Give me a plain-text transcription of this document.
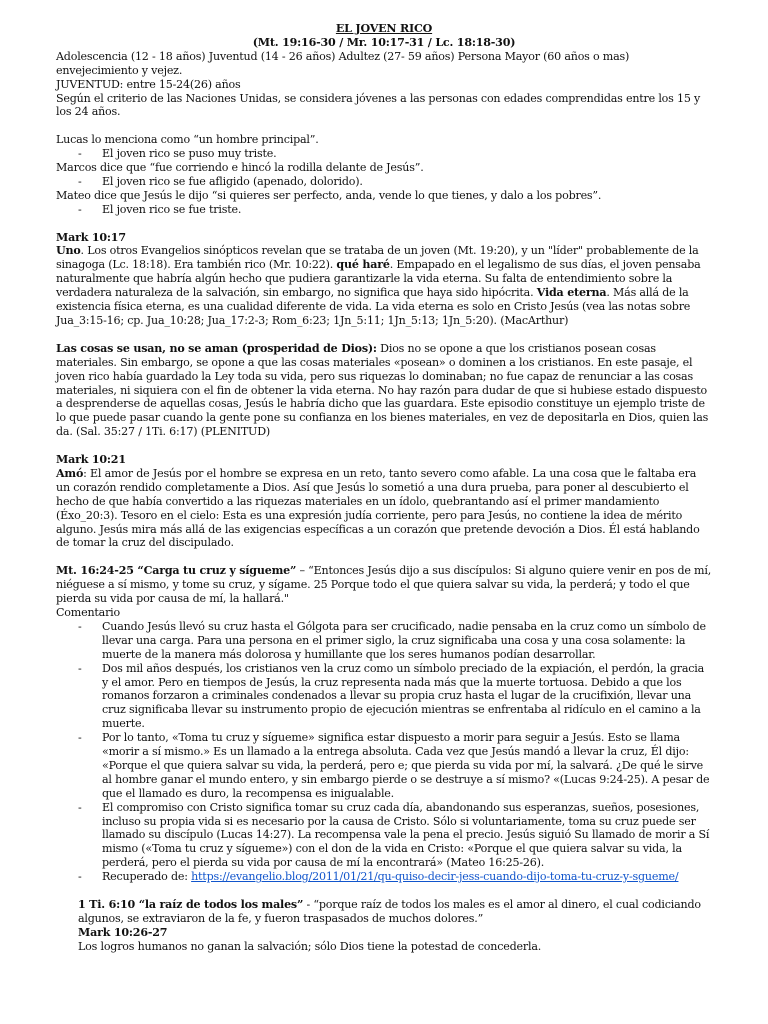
EL JOVEN RICO

(Mt. 19:16-30 / Mr. 10:17-31 / Lc. 18:18-30)

Adolescencia (12 - 18 años) Juventud (14 - 26 años) Adultez (27- 59 años) Persona Mayor (60 años o mas) envejecimiento y vejez.

JUVENTUD: entre 15-24(26) años

Según el criterio de las Naciones Unidas, se considera jóvenes a las personas con edades comprendidas entre los 15 y los 24 años.

Lucas lo menciona como “un hombre principal”.

- El joven rico se puso muy triste.

Marcos dice que “fue corriendo e hincó la rodilla delante de Jesús”.

- El joven rico se fue afligido (apenado, dolorido).

Mateo dice que Jesús le dijo “si quieres ser perfecto, anda, vende lo que tienes, y dalo a los pobres”.

- El joven rico se fue triste.

Mark 10:17

Uno. Los otros Evangelios sinópticos revelan que se trataba de un joven (Mt. 19:20), y un "líder" probablemente de la sinagoga (Lc. 18:18). Era también rico (Mr. 10:22). qué haré. Empapado en el legalismo de sus días, el joven pensaba naturalmente que habría algún hecho que pudiera garantizarle la vida eterna. Su falta de entendimiento sobre la verdadera naturaleza de la salvación, sin embargo, no significa que haya sido hipócrita. Vida eterna. Más allá de la existencia física eterna, es una cualidad diferente de vida. La vida eterna es solo en Cristo Jesús (vea las notas sobre Jua_3:15-16; cp. Jua_10:28; Jua_17:2-3; Rom_6:23; 1Jn_5:11; 1Jn_5:13; 1Jn_5:20). (MacArthur)

Las cosas se usan, no se aman (prosperidad de Dios): Dios no se opone a que los cristianos posean cosas materiales. Sin embargo, se opone a que las cosas materiales «posean» o dominen a los cristianos. En este pasaje, el joven rico había guardado la Ley toda su vida, pero sus riquezas lo dominaban; no fue capaz de renunciar a las cosas materiales, ni siquiera con el fin de obtener la vida eterna. No hay razón para dudar de que si hubiese estado dispuesto a desprenderse de aquellas cosas, Jesús le habría dicho que las guardara. Este episodio constituye un ejemplo triste de lo que puede pasar cuando la gente pone su confianza en los bienes materiales, en vez de depositarla en Dios, quien las da. (Sal. 35:27 / 1Ti. 6:17) (PLENITUD)

Mark 10:21

Amó: El amor de Jesús por el hombre se expresa en un reto, tanto severo como afable. La una cosa que le faltaba era un corazón rendido completamente a Dios. Así que Jesús lo sometió a una dura prueba, para poner al descubierto el hecho de que había convertido a las riquezas materiales en un ídolo, quebrantando así el primer mandamiento (Éxo_20:3). Tesoro en el cielo: Esta es una expresión judía corriente, pero para Jesús, no contiene la idea de mérito alguno. Jesús mira más allá de las exigencias específicas a un corazón que pretende devoción a Dios. Él está hablando de tomar la cruz del discipulado.

Mt. 16:24-25 “Carga tu cruz y sígueme” – “Entonces Jesús dijo a sus discípulos: Si alguno quiere venir en pos de mí, niéguese a sí mismo, y tome su cruz, y sígame. 25 Porque todo el que quiera salvar su vida, la perderá; y todo el que pierda su vida por causa de mí, la hallará."

Comentario

- Cuando Jesús llevó su cruz hasta el Gólgota para ser crucificado, nadie pensaba en la cruz como un símbolo de llevar una carga. Para una persona en el primer siglo, la cruz significaba una cosa y una cosa solamente: la muerte de la manera más dolorosa y humillante que los seres humanos podían desarrollar.
- Dos mil años después, los cristianos ven la cruz como un símbolo preciado de la expiación, el perdón, la gracia y el amor. Pero en tiempos de Jesús, la cruz representa nada más que la muerte tortuosa. Debido a que los romanos forzaron a criminales condenados a llevar su propia cruz hasta el lugar de la crucifixión, llevar una cruz significaba llevar su instrumento propio de ejecución mientras se enfrentaba al ridículo en el camino a la muerte.
- Por lo tanto, «Toma tu cruz y sígueme» significa estar dispuesto a morir para seguir a Jesús. Esto se llama «morir a sí mismo.» Es un llamado a la entrega absoluta. Cada vez que Jesús mandó a llevar la cruz, Él dijo: «Porque el que quiera salvar su vida, la perderá, pero e; que pierda su vida por mí, la salvará. ¿De qué le sirve al hombre ganar el mundo entero, y sin embargo pierde o se destruye a sí mismo? «(Lucas 9:24-25). A pesar de que el llamado es duro, la recompensa es inigualable.
- El compromiso con Cristo significa tomar su cruz cada día, abandonando sus esperanzas, sueños, posesiones, incluso su propia vida si es necesario por la causa de Cristo. Sólo si voluntariamente, toma su cruz puede ser llamado su discípulo (Lucas 14:27). La recompensa vale la pena el precio. Jesús siguió Su llamado de morir a Sí mismo («Toma tu cruz y sígueme») con el don de la vida en Cristo: «Porque el que quiera salvar su vida, la perderá, pero el pierda su vida por causa de mí la encontrará» (Mateo 16:25-26).
- Recuperado de: https://evangelio.blog/2011/01/21/qu-quiso-decir-jess-cuando-dijo-toma-tu-cruz-y-sgueme/

1 Ti. 6:10 “la raíz de todos los males” - “porque raíz de todos los males es el amor al dinero, el cual codiciando algunos, se extraviaron de la fe, y fueron traspasados de muchos dolores.”

Mark 10:26-27

Los logros humanos no ganan la salvación; sólo Dios tiene la potestad de concederla.
